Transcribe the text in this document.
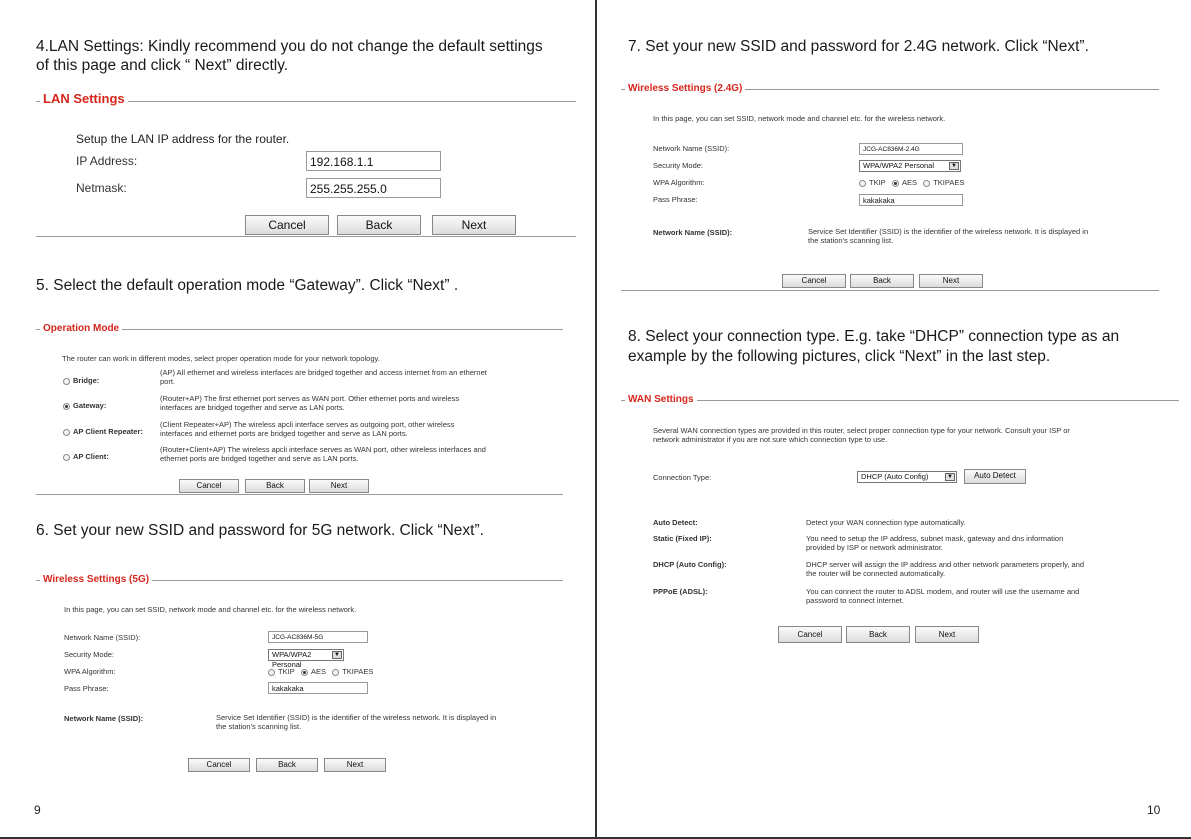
4.LAN Settings: Kindly recommend you do not change the default settings
of this page and click “ Next” directly.
LAN Settings
Setup the LAN IP address for the router.
IP Address:	192.168.1.1
Netmask:	255.255.255.0
Cancel	Back	Next
5. Select the default operation mode “Gateway”. Click “Next” .
Operation Mode
The router can work in different modes, select proper operation mode for your network topology.
Bridge:
(AP) All ethernet and wireless interfaces are bridged together and access internet from an ethernet
port.
Gateway:
(Router+AP) The first ethernet port serves as WAN port. Other ethernet ports and wireless
interfaces are bridged together and serve as LAN ports.
AP Client Repeater:
(Client Repeater+AP) The wireless apcli interface serves as outgoing port, other wireless
interfaces and ethernet ports are bridged together and serve as LAN ports.
AP Client:
(Router+Client+AP) The wireless apcli interface serves as WAN port, other wireless interfaces and
ethernet ports are bridged together and serve as LAN ports.
Cancel	Back	Next
6. Set your new SSID and password for 5G network. Click “Next”.
Wireless Settings (5G)
In this page, you can set SSID, network mode and channel etc. for the wireless network.
Network Name (SSID):	JCG-AC836M-5G
Security Mode:	WPA/WPA2 Personal
▼
WPA Algorithm:	TKIP AES TKIPAES
Pass Phrase:	kakakaka
Network Name (SSID):	Service Set Identifier (SSID) is the identifier of the wireless network. It is displayed in
the station's scanning list.
Cancel	Back	Next
9
7. Set your new SSID and password for 2.4G network. Click “Next”.
Wireless Settings (2.4G)
In this page, you can set SSID, network mode and channel etc. for the wireless network.
Network Name (SSID):	JCG-AC836M-2.4G
Security Mode:	WPA/WPA2 Personal	▼
WPA Algorithm:	TKIP AES TKIPAES
Pass Phrase:	kakakaka
Network Name (SSID):	Service Set Identifier (SSID) is the identifier of the wireless network. It is displayed in
the station's scanning list.
Cancel	Back	Next
8. Select your connection type. E.g. take “DHCP” connection type as an
example by the following pictures, click “Next” in the last step.
WAN Settings
Several WAN connection types are provided in this router, select proper connection type for your network. Consult your ISP or
network administrator if you are not sure which connection type to use.
Connection Type:	DHCP (Auto Config)	▼	Auto Detect
Auto Detect:	Detect your WAN connection type automatically.
Static (Fixed IP):	You need to setup the IP address, subnet mask, gateway and dns information
provided by ISP or network administrator.
DHCP (Auto Config):	DHCP server will assign the IP address and other network parameters properly, and
the router will be connected automatically.
PPPoE (ADSL):	You can connect the router to ADSL modem, and router will use the username and
password to connect internet.
Cancel	Back	Next
10
